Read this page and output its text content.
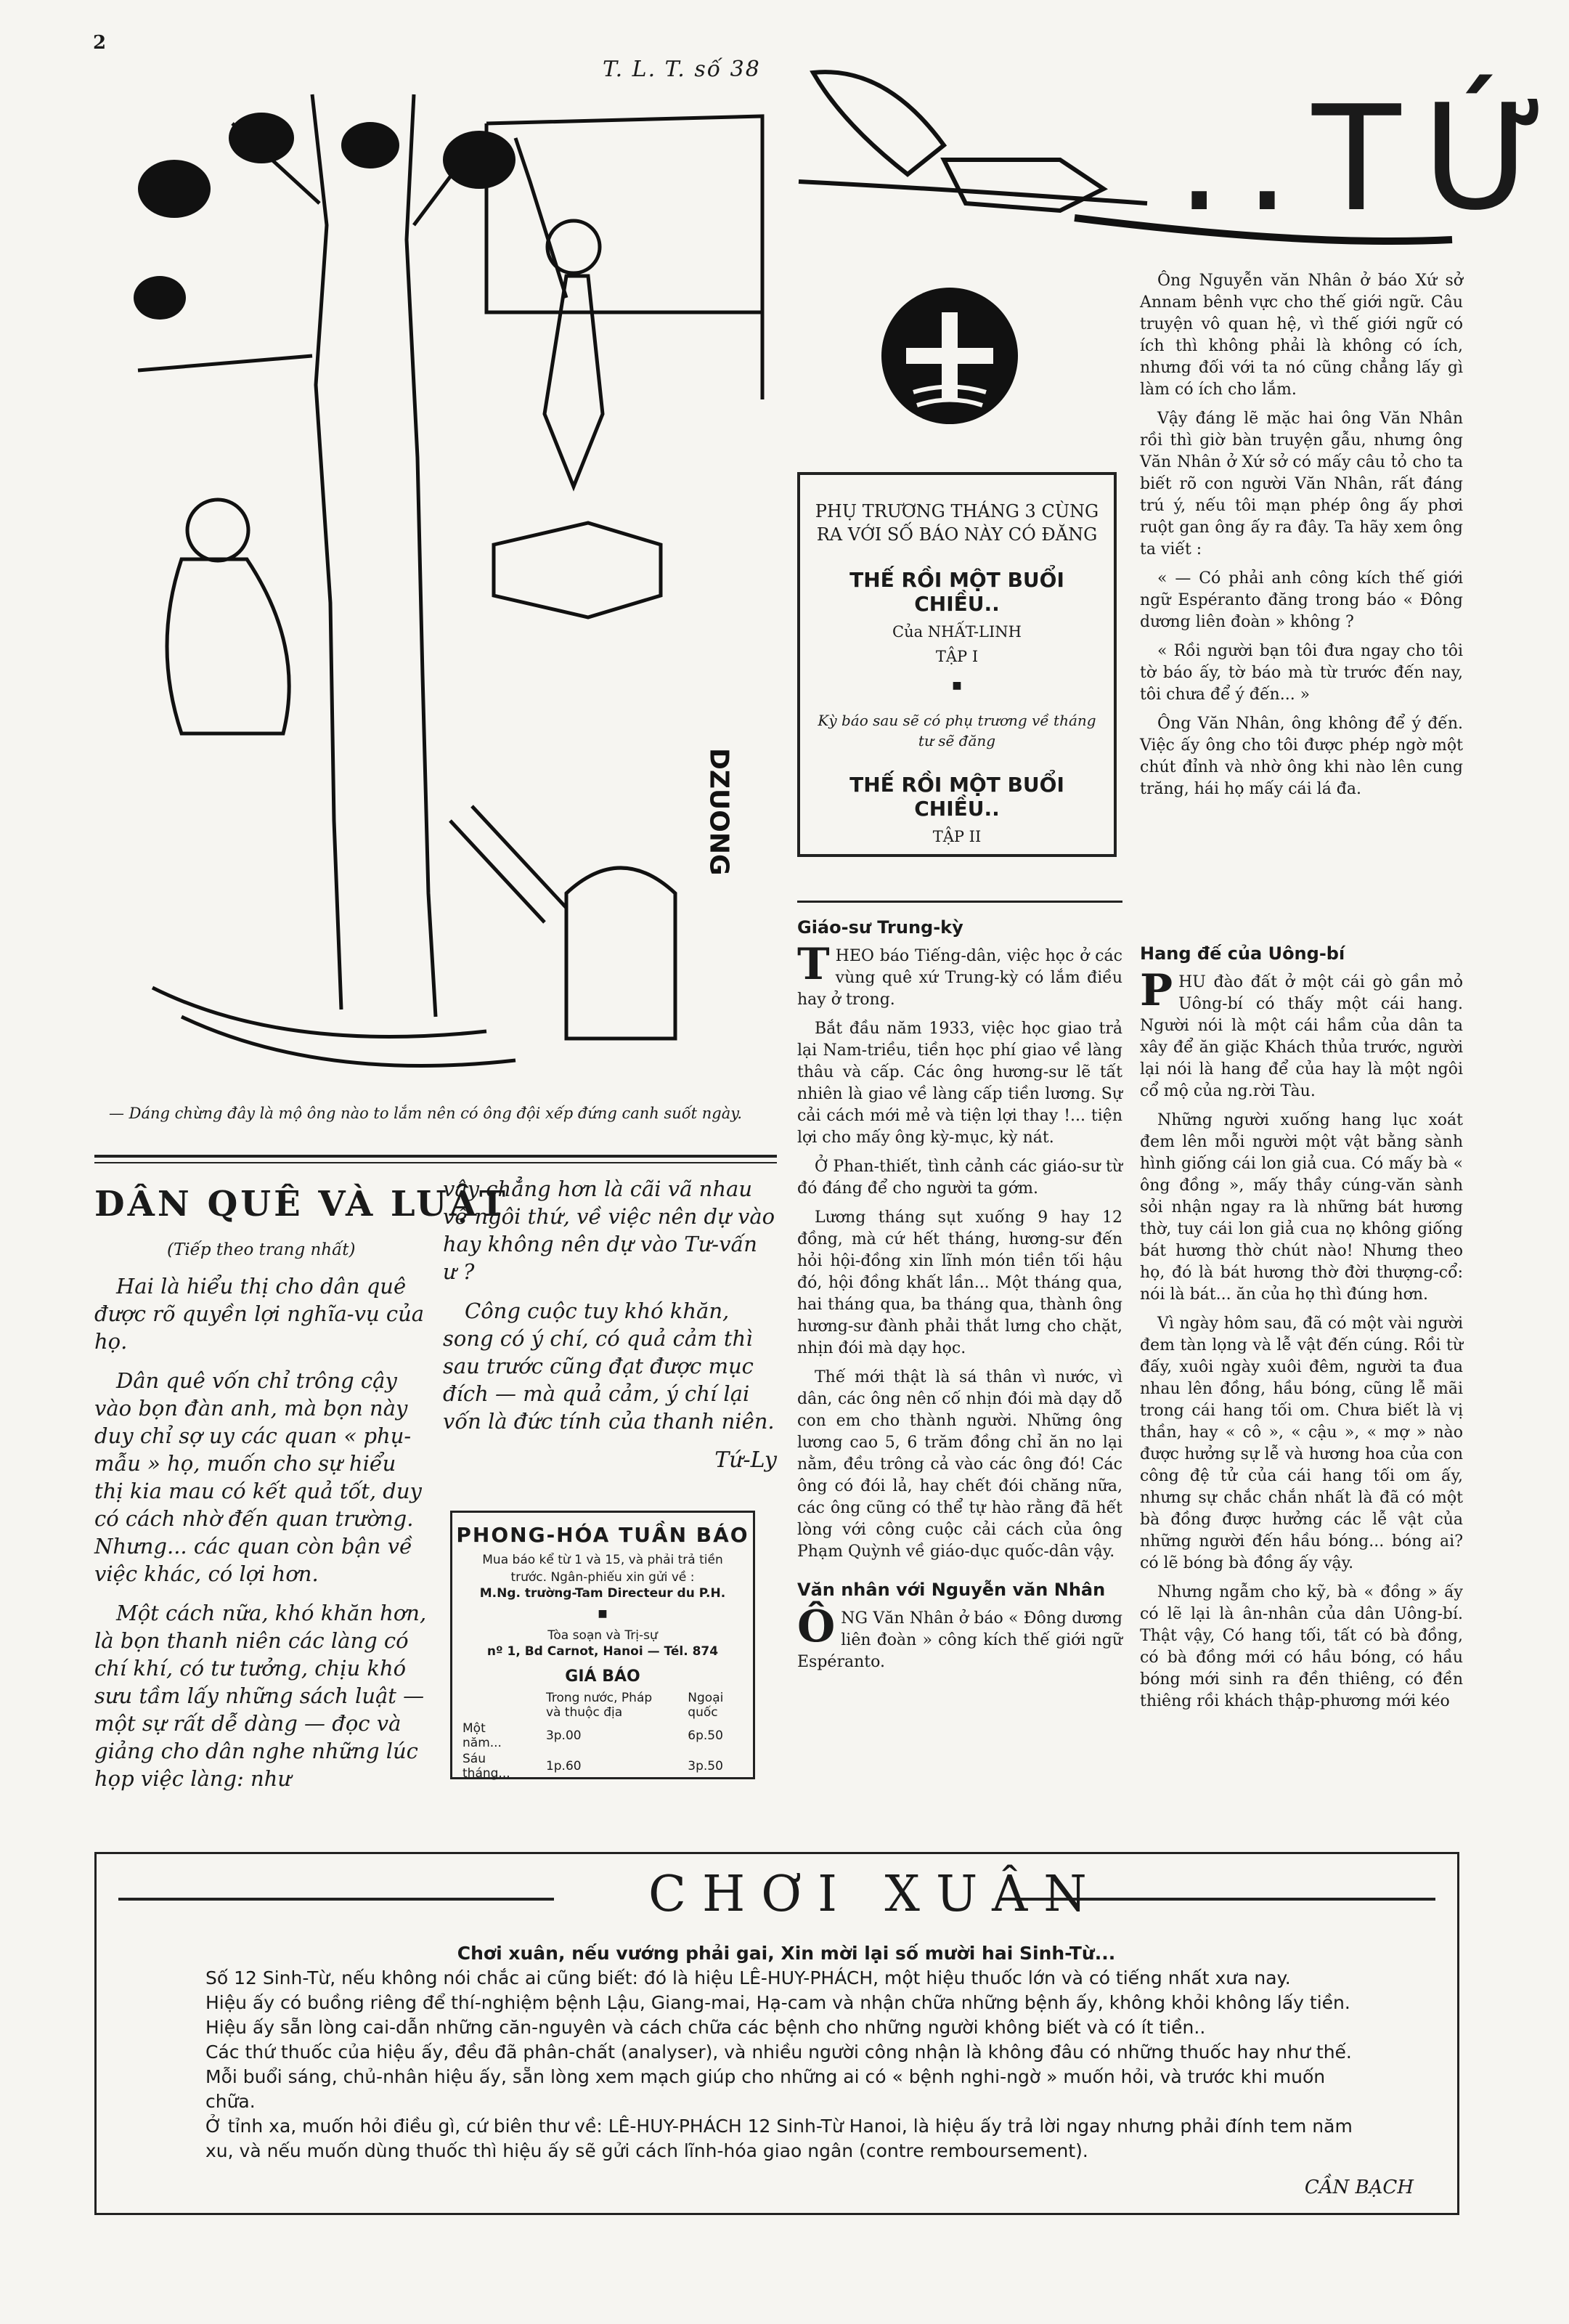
2
T. L. T. số 38
DZUONG
— Dáng chừng đây là mộ ông nào to lắm nên có ông đội xếp đứng canh suốt ngày.
..TỨ

PHỤ TRƯƠNG THÁNG 3 CÙNG RA VỚI SỐ BÁO NÀY CÓ ĐĂNG

THẾ RỒI MỘT BUỔI CHIỀU..

Của NHẤT-LINH

TẬP I

■

Kỳ báo sau sẽ có phụ trương về tháng tư sẽ đăng

THẾ RỒI MỘT BUỔI CHIỀU..

TẬP II

Ông Nguyễn văn Nhân ở báo Xứ sở Annam bênh vực cho thế giới ngữ. Câu truyện vô quan hệ, vì thế giới ngữ có ích thì không phải là không có ích, nhưng đối với ta nó cũng chẳng lấy gì làm có ích cho lắm.

Vậy đáng lẽ mặc hai ông Văn Nhân rồi thì giờ bàn truyện gẫu, nhưng ông Văn Nhân ở Xứ sở có mấy câu tỏ cho ta biết rõ con người Văn Nhân, rất đáng trú ý, nếu tôi mạn phép ông ấy phơi ruột gan ông ấy ra đây. Ta hãy xem ông ta viết :

« — Có phải anh công kích thế giới ngữ Espéranto đăng trong báo « Đông dương liên đoàn » không ?

« Rồi người bạn tôi đưa ngay cho tôi tờ báo ấy, tờ báo mà từ trước đến nay, tôi chưa để ý đến... »

Ông Văn Nhân, ông không để ý đến. Việc ấy ông cho tôi được phép ngờ một chút đỉnh và nhờ ông khi nào lên cung trăng, hái họ mấy cái lá đa.

Giáo-sư Trung-kỳ

THEO báo Tiếng-dân, việc học ở các vùng quê xứ Trung-kỳ có lắm điều hay ở trong.

Bắt đầu năm 1933, việc học giao trả lại Nam-triều, tiền học phí giao về làng thâu và cấp. Các ông hương-sư lẽ tất nhiên là giao về làng cấp tiền lương. Sự cải cách mới mẻ và tiện lợi thay !... tiện lợi cho mấy ông kỳ-mục, kỳ nát.

Ở Phan-thiết, tình cảnh các giáo-sư từ đó đáng để cho người ta gớm.

Lương tháng sụt xuống 9 hay 12 đồng, mà cứ hết tháng, hương-sư đến hỏi hội-đồng xin lĩnh món tiền tối hậu đó, hội đồng khất lần... Một tháng qua, hai tháng qua, ba tháng qua, thành ông hương-sư đành phải thắt lưng cho chặt, nhịn đói mà dạy học.

Thế mới thật là sá thân vì nước, vì dân, các ông nên cố nhịn đói mà dạy dỗ con em cho thành người. Những ông lương cao 5, 6 trăm đồng chỉ ăn no lại nằm, đều trông cả vào các ông đó! Các ông có đói lả, hay chết đói chăng nữa, các ông cũng có thể tự hào rằng đã hết lòng với công cuộc cải cách của ông Phạm Quỳnh về giáo-dục quốc-dân vậy.

Văn nhân với Nguyễn văn Nhân

ÔNG Văn Nhân ở báo « Đông dương liên đoàn » công kích thế giới ngữ Espéranto.

Hang đế của Uông-bí

PHU đào đất ở một cái gò gần mỏ Uông-bí có thấy một cái hang. Người nói là một cái hầm của dân ta xây để ăn giặc Khách thủa trước, người lại nói là hang để của hay là một ngôi cổ mộ của ng.rời Tàu.

Những người xuống hang lục xoát đem lên mỗi người một vật bằng sành hình giống cái lon giả cua. Có mấy bà « ông đồng », mấy thầy cúng-văn sành sỏi nhận ngay ra là những bát hương thờ, tuy cái lon giả cua nọ không giống bát hương thờ chút nào! Nhưng theo họ, đó là bát hương thờ đời thượng-cổ: nói là bát... ăn của họ thì đúng hơn.

Vì ngày hôm sau, đã có một vài người đem tàn lọng và lễ vật đến cúng. Rồi từ đấy, xuôi ngày xuôi đêm, người ta đua nhau lên đồng, hầu bóng, cũng lễ mãi trong cái hang tối om. Chưa biết là vị thần, hay « cô », « cậu », « mợ » nào được hưởng sự lễ và hương hoa của con công đệ tử của cái hang tối om ấy, nhưng sự chắc chắn nhất là đã có một bà đồng được hưởng các lễ vật của những người đến hầu bóng... bóng ai? có lẽ bóng bà đồng ấy vậy.

Nhưng ngẫm cho kỹ, bà « đồng » ấy có lẽ lại là ân-nhân của dân Uông-bí. Thật vậy, Có hang tối, tất có bà đồng, có bà đồng mới có hầu bóng, có hầu bóng mới sinh ra đền thiêng, có đền thiêng rồi khách thập-phương mới kéo

DÂN QUÊ VÀ LUẬT
(Tiếp theo trang nhất)

Hai là hiểu thị cho dân quê được rõ quyền lợi nghĩa-vụ của họ.

Dân quê vốn chỉ trông cậy vào bọn đàn anh, mà bọn này duy chỉ sợ uy các quan « phụ-mẫu » họ, muốn cho sự hiểu thị kia mau có kết quả tốt, duy có cách nhờ đến quan trường. Nhưng... các quan còn bận về việc khác, có lợi hơn.

Một cách nữa, khó khăn hơn, là bọn thanh niên các làng có chí khí, có tư tưởng, chịu khó sưu tầm lấy những sách luật — một sự rất dễ dàng — đọc và giảng cho dân nghe những lúc họp việc làng: như

vậy chẳng hơn là cãi vã nhau về ngôi thứ, về việc nên dự vào hay không nên dự vào Tư-vấn ư ?

Công cuộc tuy khó khăn, song có ý chí, có quả cảm thì sau trước cũng đạt được mục đích — mà quả cảm, ý chí lại vốn là đức tính của thanh niên.

Tứ-Ly
PHONG-HÓA TUẦN BÁO
Mua báo kể từ 1 và 15, và phải trả tiền trước. Ngân-phiếu xin gửi về :
M.Ng. trường-Tam Directeur du P.H.
■
Tòa soạn và Trị-sự
nº 1, Bd Carnot, Hanoi — Tél. 874
GIÁ BÁO
	Trong nước, Pháp và thuộc địa	Ngoại quốc
Một năm...	3p.00	6p.50
Sáu tháng...	1p.60	3p.50
CHƠI XUÂN

Chơi xuân, nếu vướng phải gai, Xin mời lại số mười hai Sinh-Từ...

Số 12 Sinh-Từ, nếu không nói chắc ai cũng biết: đó là hiệu LÊ-HUY-PHÁCH, một hiệu thuốc lớn và có tiếng nhất xưa nay.

Hiệu ấy có buồng riêng để thí-nghiệm bệnh Lậu, Giang-mai, Hạ-cam và nhận chữa những bệnh ấy, không khỏi không lấy tiền.

Hiệu ấy sẵn lòng cai-dẫn những căn-nguyên và cách chữa các bệnh cho những người không biết và có ít tiền..

Các thứ thuốc của hiệu ấy, đều đã phân-chất (analyser), và nhiều người công nhận là không đâu có những thuốc hay như thế.

Mỗi buổi sáng, chủ-nhân hiệu ấy, sẵn lòng xem mạch giúp cho những ai có « bệnh nghi-ngờ » muốn hỏi, và trước khi muốn chữa.

Ở tỉnh xa, muốn hỏi điều gì, cứ biên thư về: LÊ-HUY-PHÁCH 12 Sinh-Từ Hanoi, là hiệu ấy trả lời ngay nhưng phải đính tem năm

xu, và nếu muốn dùng thuốc thì hiệu ấy sẽ gửi cách lĩnh-hóa giao ngân (contre remboursement).

CẦN BẠCH
